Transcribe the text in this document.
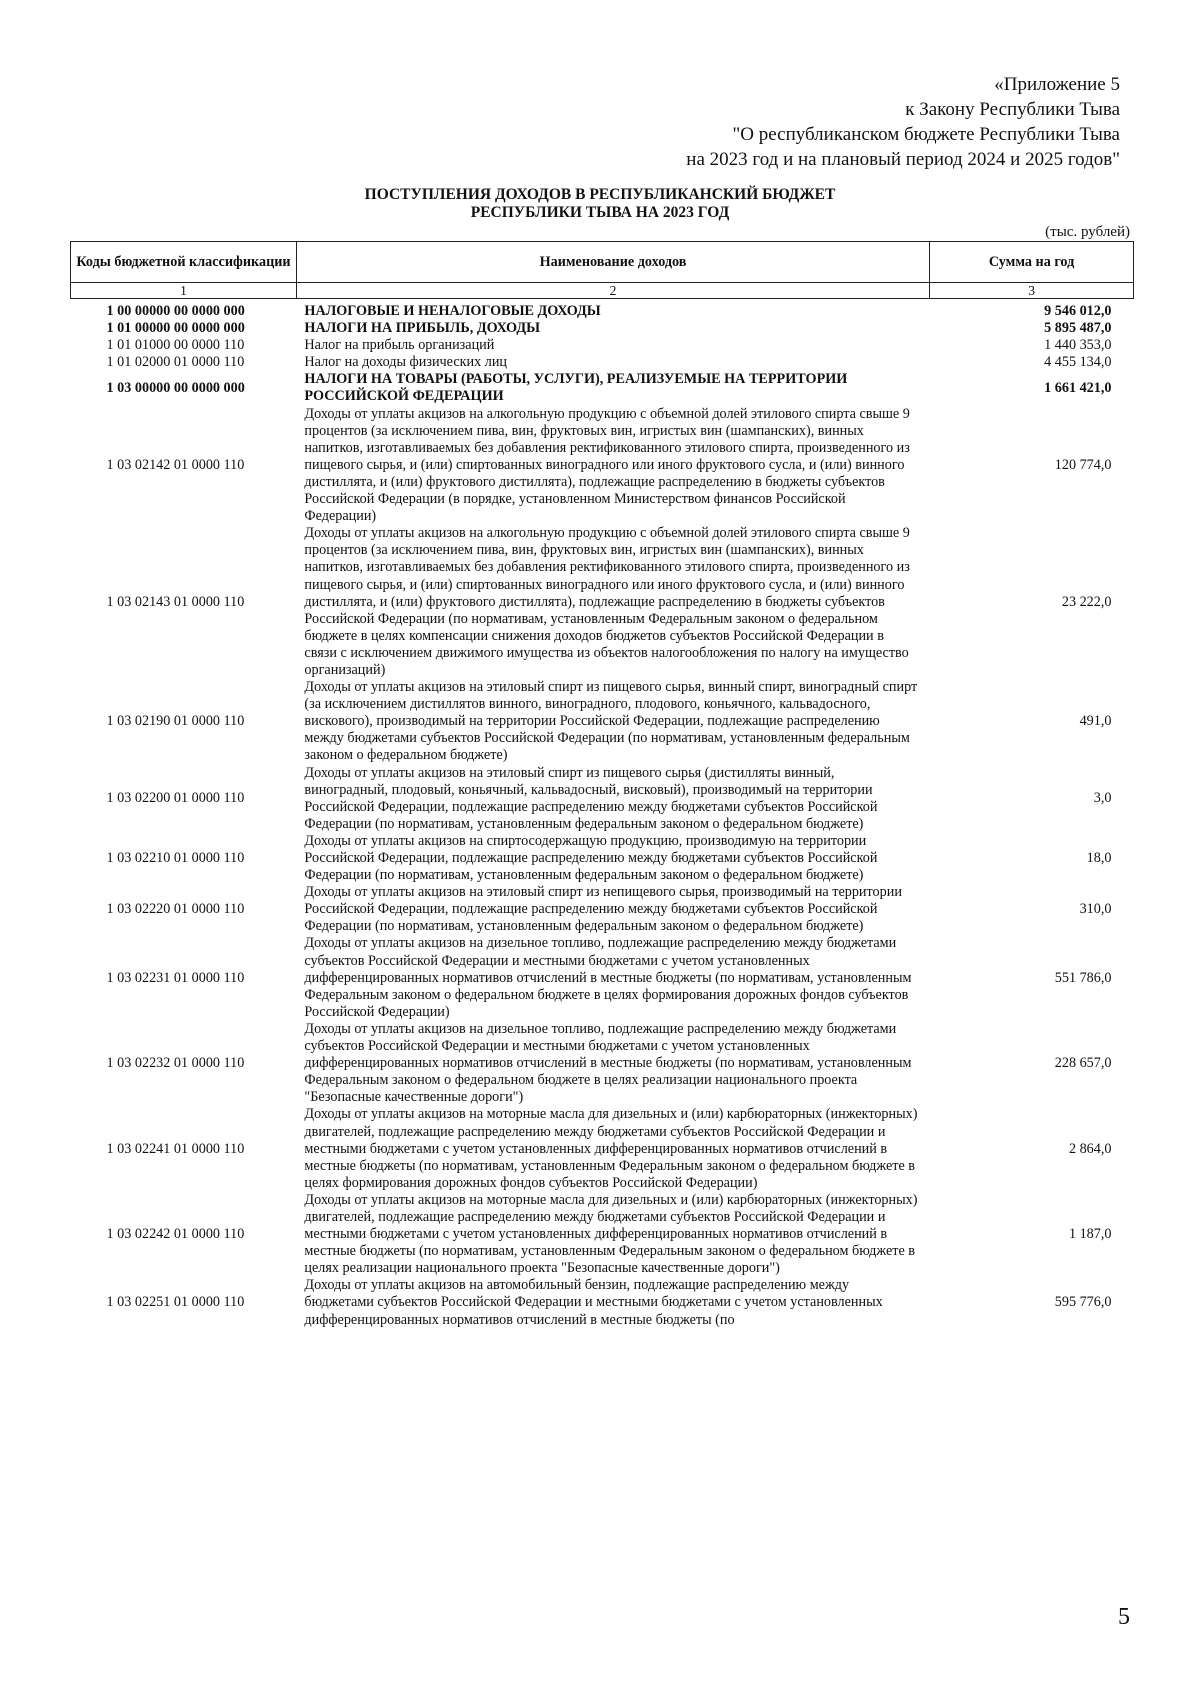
«Приложение 5
к Закону Республики Тыва
"О республиканском бюджете Республики Тыва
на 2023 год и на плановый период 2024 и 2025 годов"
ПОСТУПЛЕНИЯ ДОХОДОВ В РЕСПУБЛИКАНСКИЙ БЮДЖЕТ
РЕСПУБЛИКИ ТЫВА НА 2023 ГОД
(тыс. рублей)
Коды бюджетной классификации	Наименование доходов	Сумма на год
1	2	3
1 00 00000 00 0000 000	НАЛОГОВЫЕ И НЕНАЛОГОВЫЕ ДОХОДЫ	9 546 012,0
1 01 00000 00 0000 000	НАЛОГИ НА ПРИБЫЛЬ, ДОХОДЫ	5 895 487,0
1 01 01000 00 0000 110	Налог на прибыль организаций	1 440 353,0
1 01 02000 01 0000 110	Налог на доходы физических лиц	4 455 134,0
1 03 00000 00 0000 000	НАЛОГИ НА ТОВАРЫ (РАБОТЫ, УСЛУГИ), РЕАЛИЗУЕМЫЕ НА ТЕРРИТОРИИ РОССИЙСКОЙ ФЕДЕРАЦИИ	1 661 421,0
1 03 02142 01 0000 110	Доходы от уплаты акцизов на алкогольную продукцию с объемной долей этилового спирта свыше 9 процентов (за исключением пива, вин, фруктовых вин, игристых вин (шампанских), винных напитков, изготавливаемых без добавления ректификованного этилового спирта, произведенного из пищевого сырья, и (или) спиртованных виноградного или иного фруктового сусла, и (или) винного дистиллята, и (или) фруктового дистиллята), подлежащие распределению в бюджеты субъектов Российской Федерации (в порядке, установленном Министерством финансов Российской Федерации)	120 774,0
1 03 02143 01 0000 110	Доходы от уплаты акцизов на алкогольную продукцию с объемной долей этилового спирта свыше 9 процентов (за исключением пива, вин, фруктовых вин, игристых вин (шампанских), винных напитков, изготавливаемых без добавления ректификованного этилового спирта, произведенного из пищевого сырья, и (или) спиртованных виноградного или иного фруктового сусла, и (или) винного дистиллята, и (или) фруктового дистиллята), подлежащие распределению в бюджеты субъектов Российской Федерации (по нормативам, установленным Федеральным законом о федеральном бюджете в целях компенсации снижения доходов бюджетов субъектов Российской Федерации в связи с исключением движимого имущества из объектов налогообложения по налогу на имущество организаций)	23 222,0
1 03 02190 01 0000 110	Доходы от уплаты акцизов на этиловый спирт из пищевого сырья, винный спирт, виноградный спирт (за исключением дистиллятов винного, виноградного, плодового, коньячного, кальвадосного, вискового), производимый на территории Российской Федерации, подлежащие распределению между бюджетами субъектов Российской Федерации (по нормативам, установленным федеральным законом о федеральном бюджете)	491,0
1 03 02200 01 0000 110	Доходы от уплаты акцизов на этиловый спирт из пищевого сырья (дистилляты винный, виноградный, плодовый, коньячный, кальвадосный, висковый), производимый на территории Российской Федерации, подлежащие распределению между бюджетами субъектов Российской Федерации (по нормативам, установленным федеральным законом о федеральном бюджете)	3,0
1 03 02210 01 0000 110	Доходы от уплаты акцизов на спиртосодержащую продукцию, производимую на территории Российской Федерации, подлежащие распределению между бюджетами субъектов Российской Федерации (по нормативам, установленным федеральным законом о федеральном бюджете)	18,0
1 03 02220 01 0000 110	Доходы от уплаты акцизов на этиловый спирт из непищевого сырья, производимый на территории Российской Федерации, подлежащие распределению между бюджетами субъектов Российской Федерации (по нормативам, установленным федеральным законом о федеральном бюджете)	310,0
1 03 02231 01 0000 110	Доходы от уплаты акцизов на дизельное топливо, подлежащие распределению между бюджетами субъектов Российской Федерации и местными бюджетами с учетом установленных дифференцированных нормативов отчислений в местные бюджеты (по нормативам, установленным Федеральным законом о федеральном бюджете в целях формирования дорожных фондов субъектов Российской Федерации)	551 786,0
1 03 02232 01 0000 110	Доходы от уплаты акцизов на дизельное топливо, подлежащие распределению между бюджетами субъектов Российской Федерации и местными бюджетами с учетом установленных дифференцированных нормативов отчислений в местные бюджеты (по нормативам, установленным Федеральным законом о федеральном бюджете в целях реализации национального проекта "Безопасные качественные дороги")	228 657,0
1 03 02241 01 0000 110	Доходы от уплаты акцизов на моторные масла для дизельных и (или) карбюраторных (инжекторных) двигателей, подлежащие распределению между бюджетами субъектов Российской Федерации и местными бюджетами с учетом установленных дифференцированных нормативов отчислений в местные бюджеты (по нормативам, установленным Федеральным законом о федеральном бюджете в целях формирования дорожных фондов субъектов Российской Федерации)	2 864,0
1 03 02242 01 0000 110	Доходы от уплаты акцизов на моторные масла для дизельных и (или) карбюраторных (инжекторных) двигателей, подлежащие распределению между бюджетами субъектов Российской Федерации и местными бюджетами с учетом установленных дифференцированных нормативов отчислений в местные бюджеты (по нормативам, установленным Федеральным законом о федеральном бюджете в целях реализации национального проекта "Безопасные качественные дороги")	1 187,0
1 03 02251 01 0000 110	Доходы от уплаты акцизов на автомобильный бензин, подлежащие распределению между бюджетами субъектов Российской Федерации и местными бюджетами с учетом установленных дифференцированных нормативов отчислений в местные бюджеты (по	595 776,0
5
